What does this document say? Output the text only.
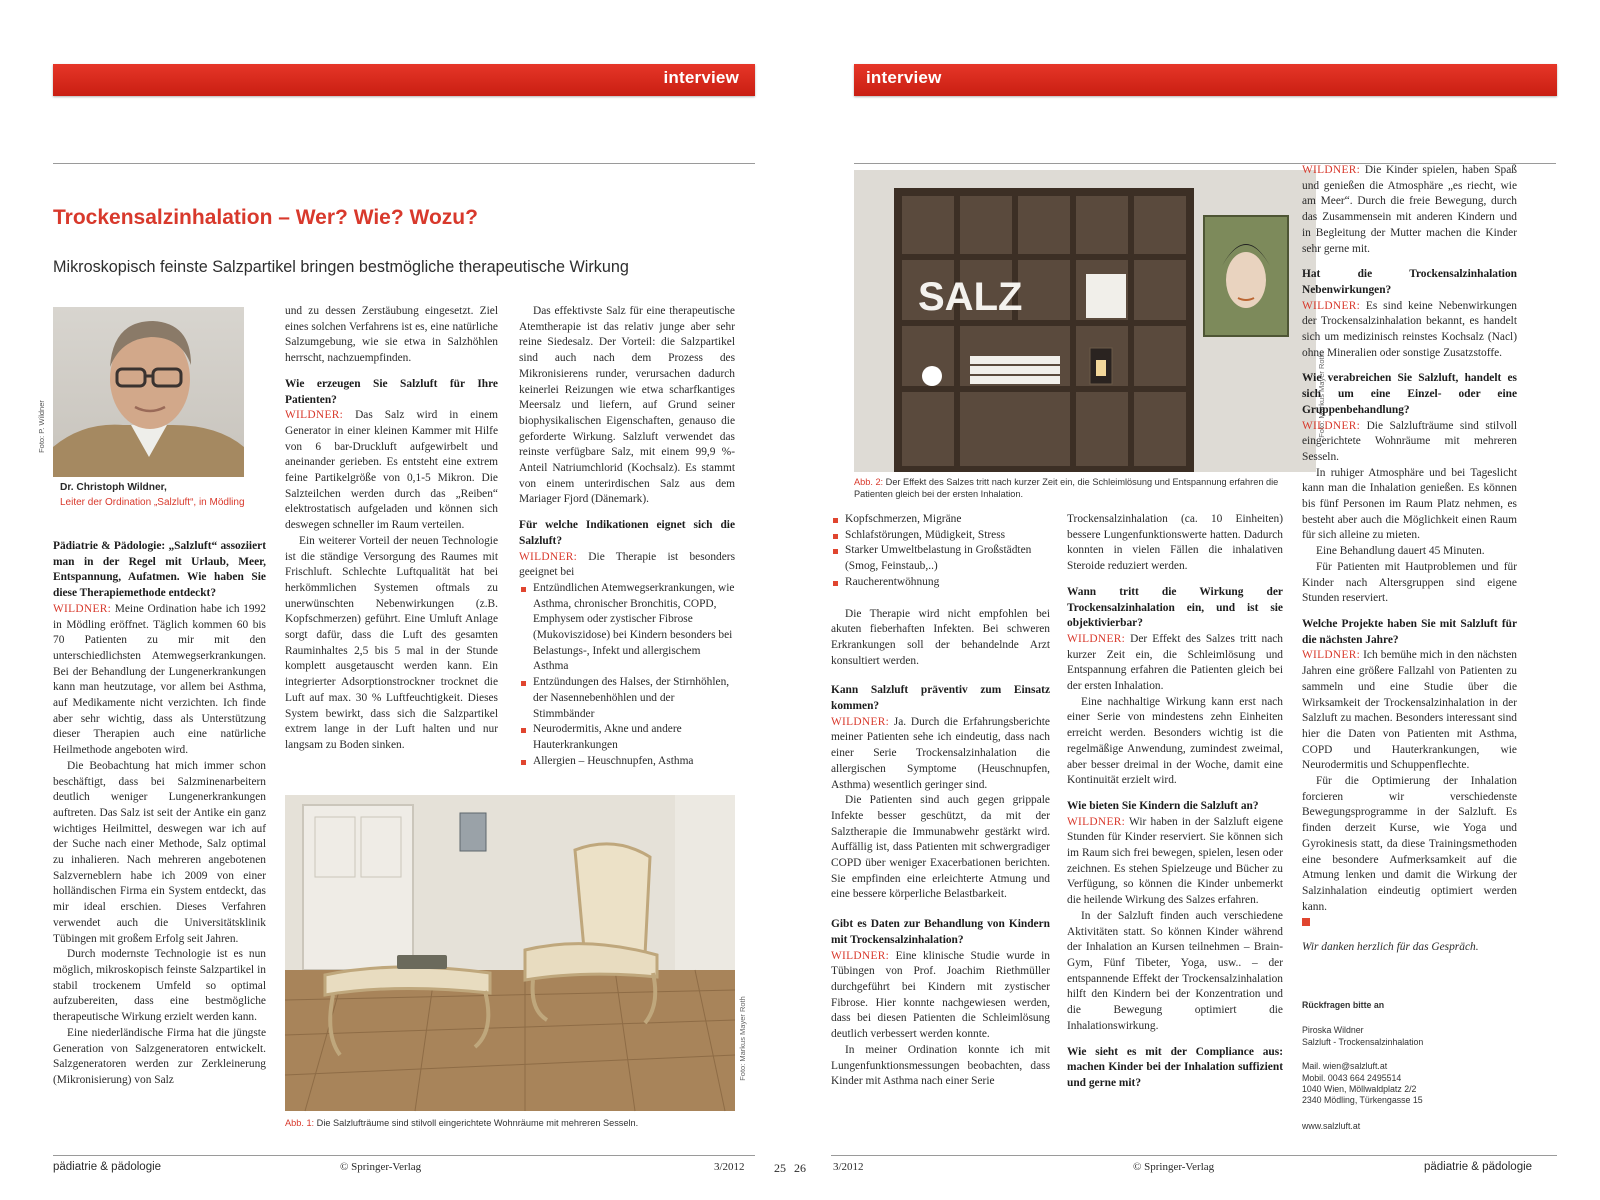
interview
Trockensalzinhalation – Wer? Wie? Wozu?
Mikroskopisch feinste Salzpartikel bringen bestmögliche therapeutische Wirkung
Foto: P. Wildner
Dr. Christoph Wildner,
Leiter der Ordination „Salzluft“, in Mödling

Pädiatrie & Pädologie: „Salzluft“ assoziiert man in der Regel mit Urlaub, Meer, Entspannung, Aufatmen. Wie haben Sie diese Therapiemethode entdeckt?

WILDNER: Meine Ordination habe ich 1992 in Mödling eröffnet. Täglich kommen 60 bis 70 Patienten zu mir mit den unterschiedlichsten Atemwegserkrankungen. Bei der Behandlung der Lungenerkrankungen kann man heutzutage, vor allem bei Asthma, auf Medikamente nicht verzichten. Ich finde aber sehr wichtig, dass als Unterstützung dieser Therapien auch eine natürliche Heilmethode angeboten wird.

Die Beobachtung hat mich immer schon beschäftigt, dass bei Salzminenarbeitern deutlich weniger Lungenerkrankungen auftreten. Das Salz ist seit der Antike ein ganz wichtiges Heilmittel, deswegen war ich auf der Suche nach einer Methode, Salz optimal zu inhalieren. Nach mehreren angebotenen Salzverneblern habe ich 2009 von einer holländischen Firma ein System entdeckt, das mir ideal erschien. Dieses Verfahren verwendet auch die Universitätsklinik Tübingen mit großem Erfolg seit Jahren.

Durch modernste Technologie ist es nun möglich, mikroskopisch feinste Salzpartikel in stabil trockenem Umfeld so optimal aufzubereiten, dass eine bestmögliche therapeutische Wirkung erzielt werden kann.

Eine niederländische Firma hat die jüngste Generation von Salzgeneratoren entwickelt. Salzgeneratoren werden zur Zerkleinerung (Mikronisierung) von Salz

und zu dessen Zerstäubung eingesetzt. Ziel eines solchen Verfahrens ist es, eine natürliche Salzumgebung, wie sie etwa in Salzhöhlen herrscht, nachzuempfinden.

Wie erzeugen Sie Salzluft für Ihre Patienten?

WILDNER: Das Salz wird in einem Generator in einer kleinen Kammer mit Hilfe von 6 bar-Druckluft aufgewirbelt und aneinander gerieben. Es entsteht eine extrem feine Partikelgröße von 0,1-5 Mikron. Die Salzteilchen werden durch das „Reiben“ elektrostatisch aufgeladen und können sich deswegen schneller im Raum verteilen.

Ein weiterer Vorteil der neuen Technologie ist die ständige Versorgung des Raumes mit Frischluft. Schlechte Luftqualität hat bei herkömmlichen Systemen oftmals zu unerwünschten Nebenwirkungen (z.B. Kopfschmerzen) geführt. Eine Umluft Anlage sorgt dafür, dass die Luft des gesamten Rauminhaltes 2,5 bis 5 mal in der Stunde komplett ausgetauscht werden kann. Ein integrierter Adsorptionstrockner trocknet die Luft auf max. 30 % Luftfeuchtigkeit. Dieses System bewirkt, dass sich die Salzpartikel extrem lange in der Luft halten und nur langsam zu Boden sinken.

Das effektivste Salz für eine therapeutische Atemtherapie ist das relativ junge aber sehr reine Siedesalz. Der Vorteil: die Salzpartikel sind auch nach dem Prozess des Mikronisierens runder, verursachen dadurch keinerlei Reizungen wie etwa scharfkantiges Meersalz und liefern, auf Grund seiner biophysikalischen Eigenschaften, genauso die geforderte Wirkung. Salzluft verwendet das reinste verfügbare Salz, mit einem 99,9 %-Anteil Natriumchlorid (Kochsalz). Es stammt von einem unterirdischen Salz aus dem Mariager Fjord (Dänemark).

Für welche Indikationen eignet sich die Salzluft?

WILDNER: Die Therapie ist besonders geeignet bei

Entzündlichen Atemwegserkrankungen, wie Asthma, chronischer Bronchitis, COPD, Emphysem oder zystischer Fibrose (Mukoviszidose) bei Kindern besonders bei Belastungs-, Infekt und allergischem Asthma
Entzündungen des Halses, der Stirnhöhlen, der Nasennebenhöhlen und der Stimmbänder
Neurodermitis, Akne und andere Hauterkrankungen
Allergien – Heuschnupfen, Asthma
Foto: Markus Mayer Roth
Abb. 1: Die Salzlufträume sind stilvoll eingerichtete Wohnräume mit mehreren Sesseln.
pädiatrie & pädologie	© Springer-Verlag	3/2012 25
interview
SALZ
Foto: Markus Mayer Roth
Abb. 2: Der Effekt des Salzes tritt nach kurzer Zeit ein, die Schleimlösung und Entspannung erfahren die Patienten gleich bei der ersten Inhalation.
Kopfschmerzen, Migräne
Schlafstörungen, Müdigkeit, Stress
Starker Umweltbelastung in Großstädten (Smog, Feinstaub,..)
Raucherentwöhnung

Die Therapie wird nicht empfohlen bei akuten fieberhaften Infekten. Bei schweren Erkrankungen soll der behandelnde Arzt konsultiert werden.

Kann Salzluft präventiv zum Einsatz kommen?

WILDNER: Ja. Durch die Erfahrungsberichte meiner Patienten sehe ich eindeutig, dass nach einer Serie Trockensalzinhalation die allergischen Symptome (Heuschnupfen, Asthma) wesentlich geringer sind.

Die Patienten sind auch gegen grippale Infekte besser geschützt, da mit der Salztherapie die Immunabwehr gestärkt wird. Auffällig ist, dass Patienten mit schwergradiger COPD über weniger Exacerbationen berichten. Sie empfinden eine erleichterte Atmung und eine bessere körperliche Belastbarkeit.

Gibt es Daten zur Behandlung von Kindern mit Trockensalzinhalation?

WILDNER: Eine klinische Studie wurde in Tübingen von Prof. Joachim Riethmüller durchgeführt bei Kindern mit zystischer Fibrose. Hier konnte nachgewiesen werden, dass bei diesen Patienten die Schleimlösung deutlich verbessert werden konnte.

In meiner Ordination konnte ich mit Lungenfunktionsmessungen beobachten, dass Kinder mit Asthma nach einer Serie

Trockensalzinhalation (ca. 10 Einheiten) bessere Lungenfunktionswerte hatten. Dadurch konnten in vielen Fällen die inhalativen Steroide reduziert werden.

Wann tritt die Wirkung der Trockensalzinhalation ein, und ist sie objektivierbar?

WILDNER: Der Effekt des Salzes tritt nach kurzer Zeit ein, die Schleimlösung und Entspannung erfahren die Patienten gleich bei der ersten Inhalation.

Eine nachhaltige Wirkung kann erst nach einer Serie von mindestens zehn Einheiten erreicht werden. Besonders wichtig ist die regelmäßige Anwendung, zumindest zweimal, aber besser dreimal in der Woche, damit eine Kontinuität erzielt wird.

Wie bieten Sie Kindern die Salzluft an?

WILDNER: Wir haben in der Salzluft eigene Stunden für Kinder reserviert. Sie können sich im Raum sich frei bewegen, spielen, lesen oder zeichnen. Es stehen Spielzeuge und Bücher zu Verfügung, so können die Kinder unbemerkt die heilende Wirkung des Salzes erfahren.

In der Salzluft finden auch verschiedene Aktivitäten statt. So können Kinder während der Inhalation an Kursen teilnehmen – Brain-Gym, Fünf Tibeter, Yoga, usw.. – der entspannende Effekt der Trockensalzinhalation hilft den Kindern bei der Konzentration und die Bewegung optimiert die Inhalationswirkung.

Wie sieht es mit der Compliance aus: machen Kinder bei der Inhalation suffizient und gerne mit?

WILDNER: Die Kinder spielen, haben Spaß und genießen die Atmosphäre „es riecht, wie am Meer“. Durch die freie Bewegung, durch das Zusammensein mit anderen Kindern und in Begleitung der Mutter machen die Kinder sehr gerne mit.

Hat die Trockensalzinhalation Nebenwirkungen?

WILDNER: Es sind keine Nebenwirkungen der Trockensalzinhalation bekannt, es handelt sich um medizinisch reinstes Kochsalz (Nacl) ohne Mineralien oder sonstige Zusatzstoffe.

Wie verabreichen Sie Salzluft, handelt es sich um eine Einzel- oder eine Gruppenbehandlung?

WILDNER: Die Salzlufträume sind stilvoll eingerichtete Wohnräume mit mehreren Sesseln.

In ruhiger Atmosphäre und bei Tageslicht kann man die Inhalation genießen. Es können bis fünf Personen im Raum Platz nehmen, es besteht aber auch die Möglichkeit einen Raum für sich alleine zu mieten.

Eine Behandlung dauert 45 Minuten.

Für Patienten mit Hautproblemen und für Kinder nach Altersgruppen sind eigene Stunden reserviert.

Welche Projekte haben Sie mit Salzluft für die nächsten Jahre?

WILDNER: Ich bemühe mich in den nächsten Jahren eine größere Fallzahl von Patienten zu sammeln und eine Studie über die Wirksamkeit der Trockensalzinhalation in der Salzluft zu machen. Besonders interessant sind hier die Daten von Patienten mit Asthma, COPD und Hauterkrankungen, wie Neurodermitis und Schuppenflechte.

Für die Optimierung der Inhalation forcieren wir verschiedenste Bewegungsprogramme in der Salzluft. Es finden derzeit Kurse, wie Yoga und Gyrokinesis statt, da diese Trainingsmethoden eine besondere Aufmerksamkeit auf die Atmung lenken und damit die Wirkung der Salzinhalation eindeutig optimiert werden kann.

Wir danken herzlich für das Gespräch.

Rückfragen bitte an
Piroska Wildner
Salzluft - Trockensalzinhalation
Mail. wien@salzluft.at
Mobil. 0043 664 2495514
1040 Wien, Möllwaldplatz 2/2
2340 Mödling, Türkengasse 15
www.salzluft.at
26 3/2012	© Springer-Verlag	pädiatrie & pädologie
